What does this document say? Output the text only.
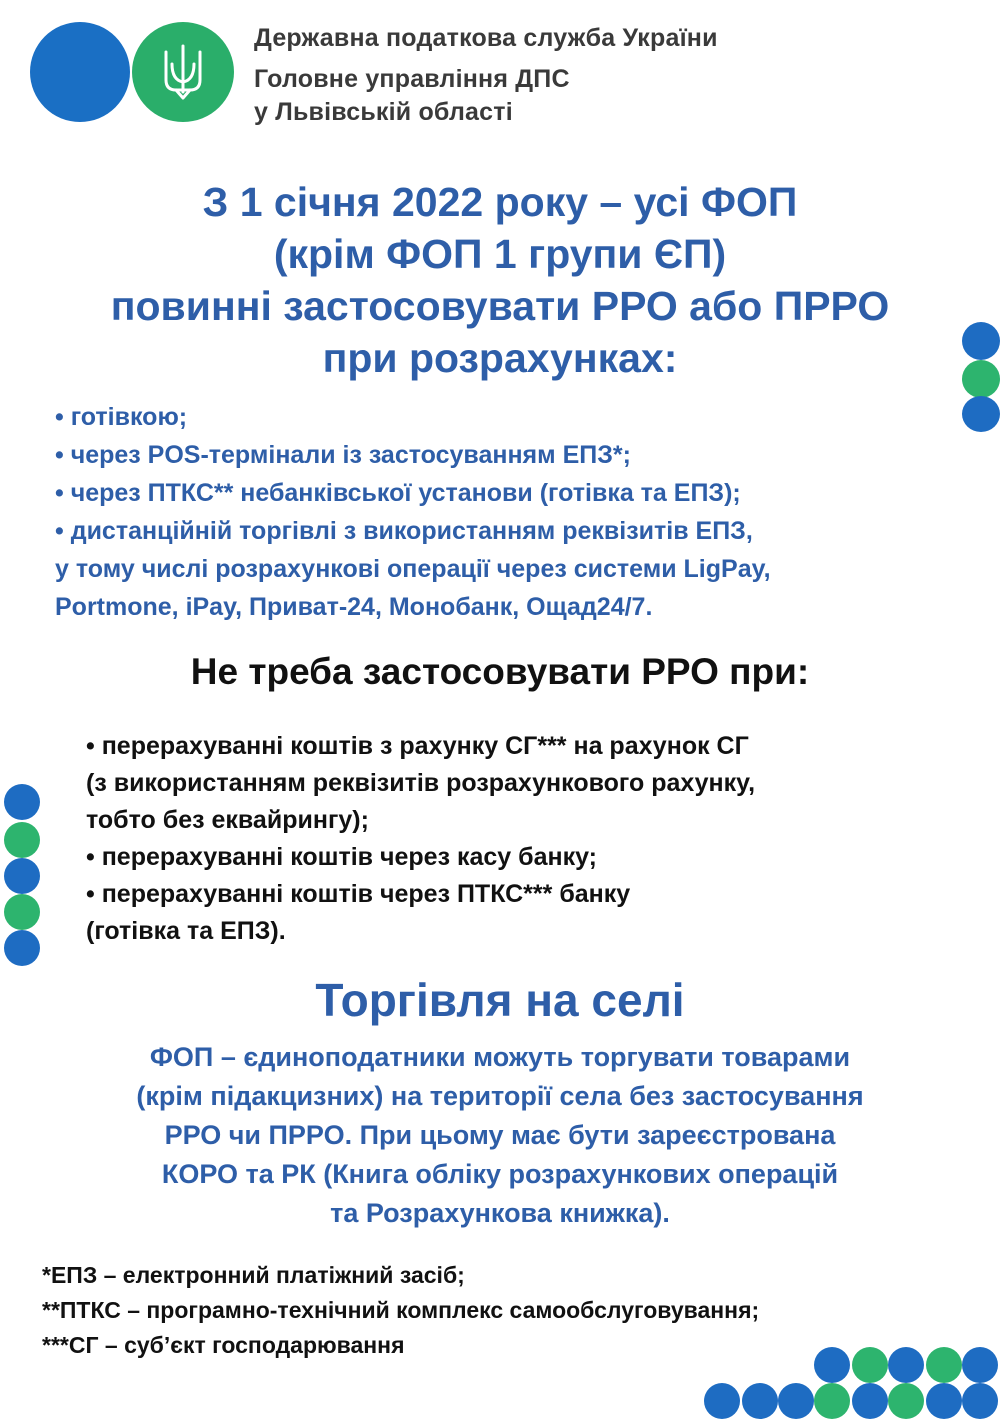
Державна податкова служба України
Головне управління ДПС
у Львівській області
З 1 січня 2022 року – усі ФОП
(крім ФОП 1 групи ЄП)
повинні застосовувати РРО або ПРРО
при розрахунках:
• готівкою;
• через POS-термінали із застосуванням ЕПЗ*;
• через ПТКС** небанківської установи (готівка та ЕПЗ);
• дистанційній торгівлі з використанням реквізитів ЕПЗ,
у тому числі розрахункові операції через системи LigPay,
Portmone, iPay, Приват-24, Монобанк, Ощад24/7.
Не треба застосовувати РРО при:
• перерахуванні коштів з рахунку СГ*** на рахунок СГ
(з використанням реквізитів розрахункового рахунку,
тобто без еквайрингу);
• перерахуванні коштів через касу банку;
• перерахуванні коштів через ПТКС*** банку
(готівка та ЕПЗ).
Торгівля на селі
ФОП – єдиноподатники можуть торгувати товарами
(крім підакцизних) на території села без застосування
РРО чи ПРРО. При цьому має бути зареєстрована
КОРО та РК (Книга обліку розрахункових операцій
та Розрахункова книжка).
*ЕПЗ – електронний платіжний засіб;
**ПТКС – програмно-технічний комплекс самообслуговування;
***СГ – суб’єкт господарювання
